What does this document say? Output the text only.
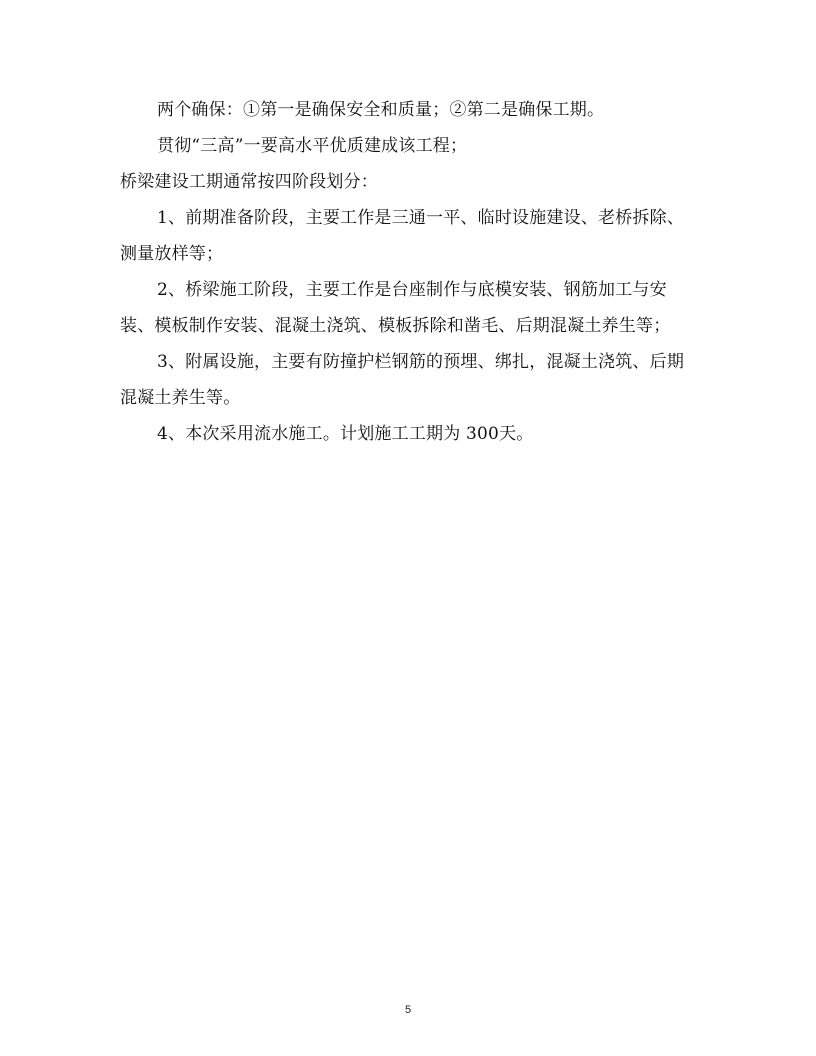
两个确保：①第一是确保安全和质量；②第二是确保工期。

贯彻“三高”一要高水平优质建成该工程；

桥梁建设工期通常按四阶段划分：

1、前期准备阶段，主要工作是三通一平、临时设施建设、老桥拆除、测量放样等；

2、桥梁施工阶段，主要工作是台座制作与底模安装、钢筋加工与安装、模板制作安装、混凝土浇筑、模板拆除和凿毛、后期混凝土养生等；

3、附属设施，主要有防撞护栏钢筋的预埋、绑扎，混凝土浇筑、后期混凝土养生等。

4、本次采用流水施工。计划施工工期为 300天。

5
